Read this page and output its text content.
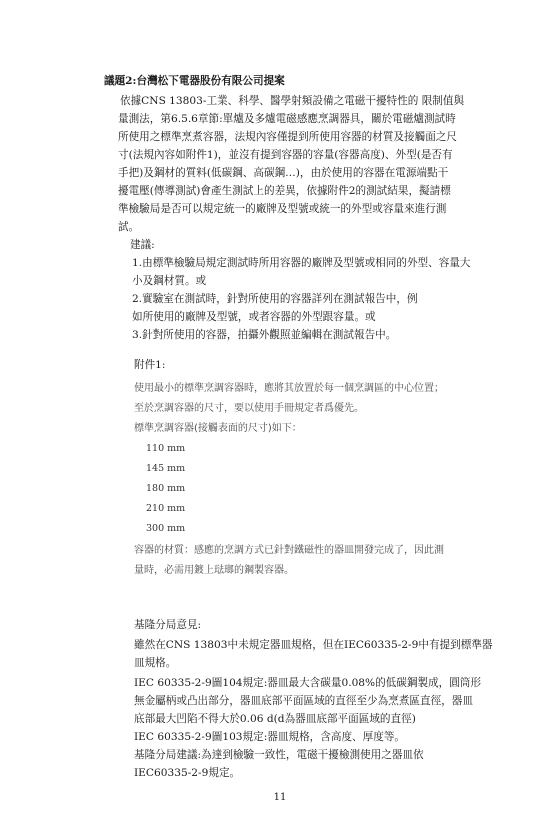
議題2:台灣松下電器股份有限公司提案
依據CNS 13803-工業、科學、醫學射頻設備之電磁干擾特性的 限制值與
量測法，第6.5.6章節:單爐及多爐電磁感應烹調器具，關於電磁爐測試時
所使用之標準烹煮容器，法規內容僅提到所使用容器的材質及接觸面之尺
寸(法規內容如附件1)，並沒有提到容器的容量(容器高度)、外型(是否有
手把)及鋼材的質料(低碳鋼、高碳鋼…)，由於使用的容器在電源端點干
擾電壓(傳導測試)會產生測試上的差異，依據附件2的測試結果，擬請標
準檢驗局是否可以規定統一的廠牌及型號或統一的外型或容量來進行測
試。
建議:
1.由標準檢驗局規定測試時所用容器的廠牌及型號或相同的外型、容量大
小及鋼材質。或
2.實驗室在測試時，針對所使用的容器詳列在測試報告中，例
如所使用的廠牌及型號，或者容器的外型跟容量。或
3.針對所使用的容器，拍攝外觀照並編輯在測試報告中。
附件1:
使用最小的標準烹調容器時，應將其放置於每一個烹調區的中心位置；
至於烹調容器的尺寸，要以使用手冊規定者爲優先。
標準烹調容器(接觸表面的尺寸)如下：
110 mm
145 mm
180 mm
210 mm
300 mm
容器的材質：感應的烹調方式已針對鐵磁性的器皿開發完成了，因此測
量時，必需用鍍上琺瑯的鋼製容器。
基隆分局意見:
雖然在CNS 13803中未規定器皿規格，但在IEC60335-2-9中有提到標準器
皿規格。
IEC 60335-2-9圖104規定:器皿最大含碳量0.08%的低碳鋼製成，圓筒形
無金屬柄或凸出部分，器皿底部平面區域的直徑至少為烹煮區直徑，器皿
底部最大凹陷不得大於0.06 d(d為器皿底部平面區域的直徑)
IEC 60335-2-9圖103規定:器皿規格，含高度、厚度等。
基隆分局建議:為達到檢驗一致性，電磁干擾檢測使用之器皿依
IEC60335-2-9規定。
11
